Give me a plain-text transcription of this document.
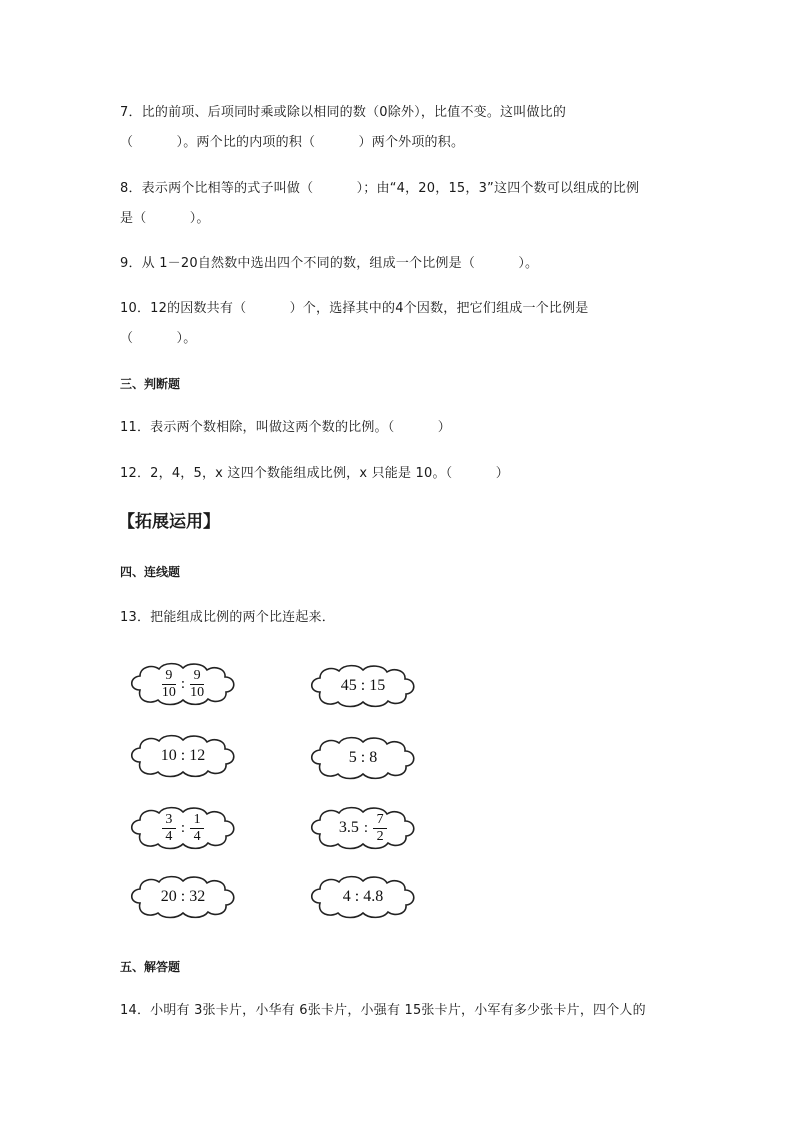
7．比的前项、后项同时乘或除以相同的数（0除外），比值不变。这叫做比的
（          ）。两个比的内项的积（          ）两个外项的积。
8．表示两个比相等的式子叫做（          ）；由“4，20，15，3”这四个数可以组成的比例
是（          ）。
9．从 1－20自然数中选出四个不同的数，组成一个比例是（          ）。
10．12的因数共有（          ）个，选择其中的4个因数，把它们组成一个比例是
（          ）。
三、判断题
11．表示两个数相除，叫做这两个数的比例。（          ）
12．2，4，5，x 这四个数能组成比例，x 只能是 10。（          ）
【拓展运用】
四、连线题
13．把能组成比例的两个比连起来．
$\frac{9}{10}$ : $\frac{9}{10}$
10 : 12
$\frac{3}{4}$ : $\frac{1}{4}$
20 : 32
45 : 15
5 : 8
3.5 : $\frac{7}{2}$
4 : 4.8
五、解答题
14．小明有 3张卡片，小华有 6张卡片，小强有 15张卡片，小军有多少张卡片，四个人的
